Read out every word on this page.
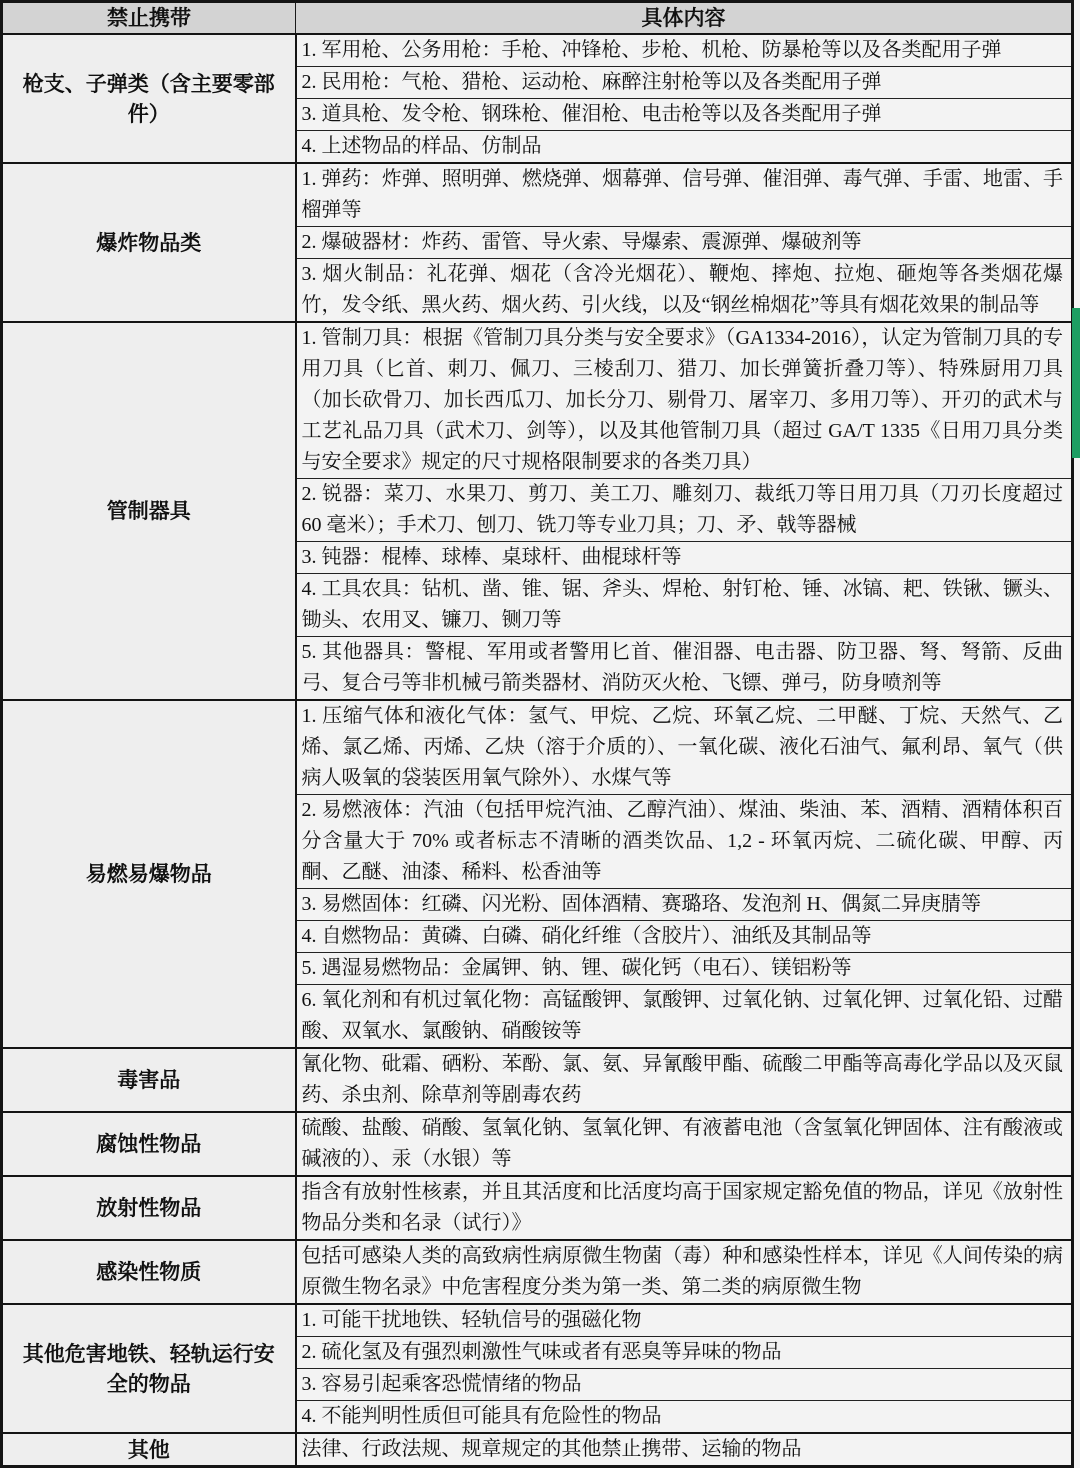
禁止携带	具体内容
枪支、子弹类（含主要零部件）	1. 军用枪、公务用枪：手枪、冲锋枪、步枪、机枪、防暴枪等以及各类配用子弹
	2. 民用枪：气枪、猎枪、运动枪、麻醉注射枪等以及各类配用子弹
	3. 道具枪、发令枪、钢珠枪、催泪枪、电击枪等以及各类配用子弹
	4. 上述物品的样品、仿制品
爆炸物品类	1. 弹药：炸弹、照明弹、燃烧弹、烟幕弹、信号弹、催泪弹、毒气弹、手雷、地雷、手榴弹等
	2. 爆破器材：炸药、雷管、导火索、导爆索、震源弹、爆破剂等
	3. 烟火制品：礼花弹、烟花（含冷光烟花）、鞭炮、摔炮、拉炮、砸炮等各类烟花爆竹，发令纸、黑火药、烟火药、引火线，以及“钢丝棉烟花”等具有烟花效果的制品等
管制器具	1. 管制刀具：根据《管制刀具分类与安全要求》（GA1334-2016），认定为管制刀具的专用刀具（匕首、刺刀、佩刀、三棱刮刀、猎刀、加长弹簧折叠刀等）、特殊厨用刀具（加长砍骨刀、加长西瓜刀、加长分刀、剔骨刀、屠宰刀、多用刀等）、开刃的武术与工艺礼品刀具（武术刀、剑等），以及其他管制刀具（超过 GA/T 1335《日用刀具分类与安全要求》规定的尺寸规格限制要求的各类刀具）
	2. 锐器：菜刀、水果刀、剪刀、美工刀、雕刻刀、裁纸刀等日用刀具（刀刃长度超过 60 毫米）；手术刀、刨刀、铣刀等专业刀具；刀、矛、戟等器械
	3. 钝器：棍棒、球棒、桌球杆、曲棍球杆等
	4. 工具农具：钻机、凿、锥、锯、斧头、焊枪、射钉枪、锤、冰镐、耙、铁锹、镢头、锄头、农用叉、镰刀、铡刀等
	5. 其他器具：警棍、军用或者警用匕首、催泪器、电击器、防卫器、弩、弩箭、反曲弓、复合弓等非机械弓箭类器材、消防灭火枪、飞镖、弹弓，防身喷剂等
易燃易爆物品	1. 压缩气体和液化气体：氢气、甲烷、乙烷、环氧乙烷、二甲醚、丁烷、天然气、乙烯、氯乙烯、丙烯、乙炔（溶于介质的）、一氧化碳、液化石油气、氟利昂、氧气（供病人吸氧的袋装医用氧气除外）、水煤气等
	2. 易燃液体：汽油（包括甲烷汽油、乙醇汽油）、煤油、柴油、苯、酒精、酒精体积百分含量大于 70% 或者标志不清晰的酒类饮品、1,2 - 环氧丙烷、二硫化碳、甲醇、丙酮、乙醚、油漆、稀料、松香油等
	3. 易燃固体：红磷、闪光粉、固体酒精、赛璐珞、发泡剂 H、偶氮二异庚腈等
	4. 自燃物品：黄磷、白磷、硝化纤维（含胶片）、油纸及其制品等
	5. 遇湿易燃物品：金属钾、钠、锂、碳化钙（电石）、镁铝粉等
	6. 氧化剂和有机过氧化物：高锰酸钾、氯酸钾、过氧化钠、过氧化钾、过氧化铅、过醋酸、双氧水、氯酸钠、硝酸铵等
毒害品	氰化物、砒霜、硒粉、苯酚、氯、氨、异氰酸甲酯、硫酸二甲酯等高毒化学品以及灭鼠药、杀虫剂、除草剂等剧毒农药
腐蚀性物品	硫酸、盐酸、硝酸、氢氧化钠、氢氧化钾、有液蓄电池（含氢氧化钾固体、注有酸液或碱液的）、汞（水银）等
放射性物品	指含有放射性核素，并且其活度和比活度均高于国家规定豁免值的物品，详见《放射性物品分类和名录（试行）》
感染性物质	包括可感染人类的高致病性病原微生物菌（毒）种和感染性样本，详见《人间传染的病原微生物名录》中危害程度分类为第一类、第二类的病原微生物
其他危害地铁、轻轨运行安全的物品	1. 可能干扰地铁、轻轨信号的强磁化物
	2. 硫化氢及有强烈刺激性气味或者有恶臭等异味的物品
	3. 容易引起乘客恐慌情绪的物品
	4. 不能判明性质但可能具有危险性的物品
其他	法律、行政法规、规章规定的其他禁止携带、运输的物品
